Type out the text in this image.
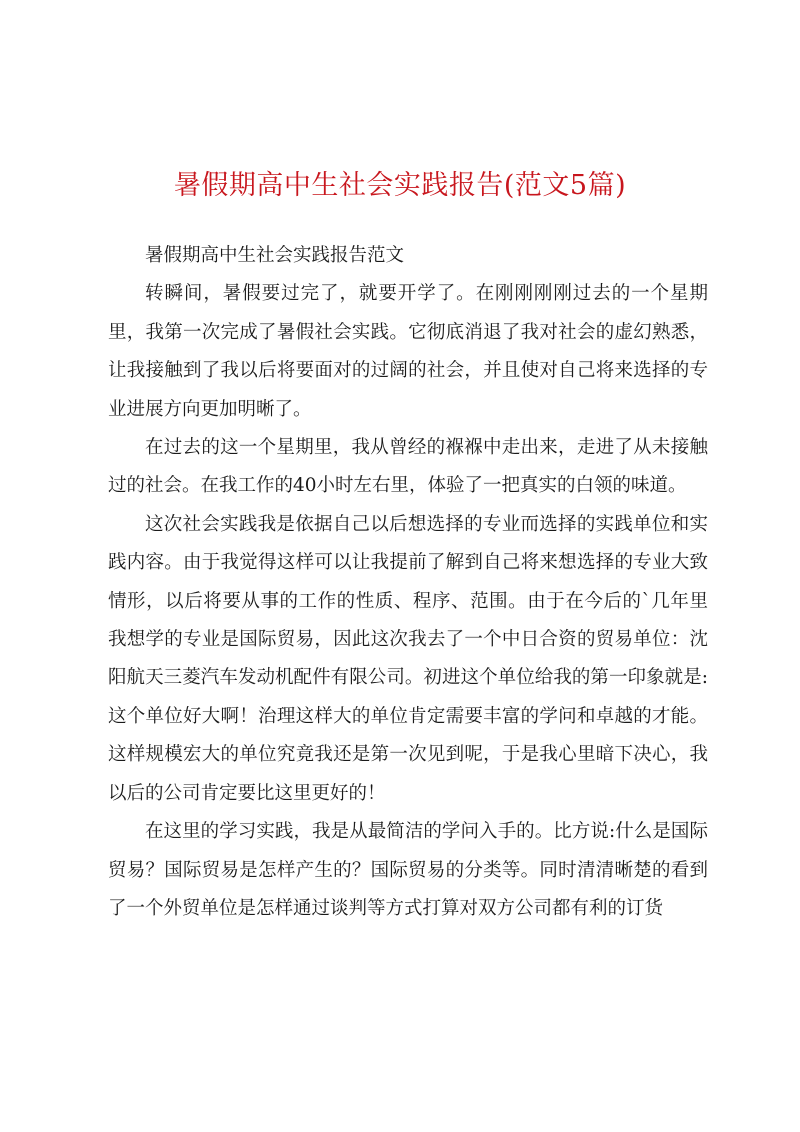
暑假期高中生社会实践报告(范文5篇)

暑假期高中生社会实践报告范文

转瞬间，暑假要过完了，就要开学了。在刚刚刚刚过去的一个星期里，我第一次完成了暑假社会实践。它彻底消退了我对社会的虚幻熟悉，让我接触到了我以后将要面对的过阔的社会，并且使对自己将来选择的专业进展方向更加明晰了。

在过去的这一个星期里，我从曾经的褓褓中走出来，走进了从未接触过的社会。在我工作的40小时左右里，体验了一把真实的白领的味道。

这次社会实践我是依据自己以后想选择的专业而选择的实践单位和实践内容。由于我觉得这样可以让我提前了解到自己将来想选择的专业大致情形，以后将要从事的工作的性质、程序、范围。由于在今后的`几年里我想学的专业是国际贸易，因此这次我去了一个中日合资的贸易单位：沈阳航天三菱汽车发动机配件有限公司。初进这个单位给我的第一印象就是:这个单位好大啊！治理这样大的单位肯定需要丰富的学问和卓越的才能。这样规模宏大的单位究竟我还是第一次见到呢，于是我心里暗下决心，我以后的公司肯定要比这里更好的！

在这里的学习实践，我是从最简洁的学问入手的。比方说:什么是国际贸易？国际贸易是怎样产生的？国际贸易的分类等。同时清清晰楚的看到了一个外贸单位是怎样通过谈判等方式打算对双方公司都有利的订货
